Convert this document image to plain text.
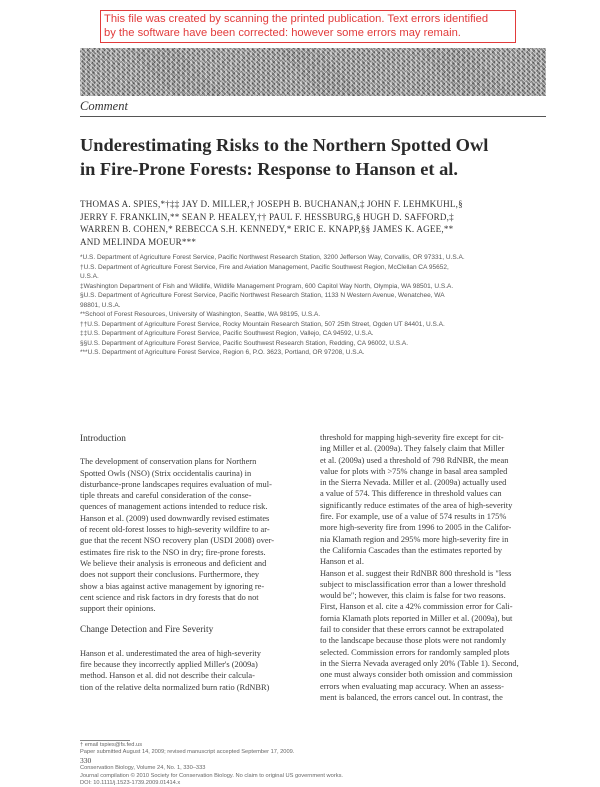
This file was created by scanning the printed publication. Text errors identified
by the software have been corrected: however some errors may remain.
Comment
Underestimating Risks to the Northern Spotted Owl
in Fire-Prone Forests: Response to Hanson et al.
THOMAS A. SPIES,*†‡‡ JAY D. MILLER,† JOSEPH B. BUCHANAN,‡ JOHN F. LEHMKUHL,§
JERRY F. FRANKLIN,** SEAN P. HEALEY,†† PAUL F. HESSBURG,§ HUGH D. SAFFORD,‡
WARREN B. COHEN,* REBECCA S.H. KENNEDY,* ERIC E. KNAPP,§§ JAMES K. AGEE,**
AND MELINDA MOEUR***
*U.S. Department of Agriculture Forest Service, Pacific Northwest Research Station, 3200 Jefferson Way, Corvallis, OR 97331, U.S.A.
†U.S. Department of Agriculture Forest Service, Fire and Aviation Management, Pacific Southwest Region, McClellan CA 95652,
U.S.A.
‡Washington Department of Fish and Wildlife, Wildlife Management Program, 600 Capitol Way North, Olympia, WA 98501, U.S.A.
§U.S. Department of Agriculture Forest Service, Pacific Northwest Research Station, 1133 N Western Avenue, Wenatchee, WA
98801, U.S.A.
**School of Forest Resources, University of Washington, Seattle, WA 98195, U.S.A.
††U.S. Department of Agriculture Forest Service, Rocky Mountain Research Station, 507 25th Street, Ogden UT 84401, U.S.A.
‡‡U.S. Department of Agriculture Forest Service, Pacific Southwest Region, Vallejo, CA 94592, U.S.A.
§§U.S. Department of Agriculture Forest Service, Pacific Southwest Research Station, Redding, CA 96002, U.S.A.
***U.S. Department of Agriculture Forest Service, Region 6, P.O. 3623, Portland, OR 97208, U.S.A.
Introduction
The development of conservation plans for Northern
Spotted Owls (NSO) (Strix occidentalis caurina) in
disturbance-prone landscapes requires evaluation of mul-
tiple threats and careful consideration of the conse-
quences of management actions intended to reduce risk.
Hanson et al. (2009) used downwardly revised estimates
of recent old-forest losses to high-severity wildfire to ar-
gue that the recent NSO recovery plan (USDI 2008) over-
estimates fire risk to the NSO in dry; fire-prone forests.
We believe their analysis is erroneous and deficient and
does not support their conclusions. Furthermore, they
show a bias against active management by ignoring re-
cent science and risk factors in dry forests that do not
support their opinions.
Change Detection and Fire Severity
Hanson et al. underestimated the area of high-severity
fire because they incorrectly applied Miller's (2009a)
method. Hanson et al. did not describe their calcula-
tion of the relative delta normalized burn ratio (RdNBR)
threshold for mapping high-severity fire except for cit-
ing Miller et al. (2009a). They falsely claim that Miller
et al. (2009a) used a threshold of 798 RdNBR, the mean
value for plots with >75% change in basal area sampled
in the Sierra Nevada. Miller et al. (2009a) actually used
a value of 574. This difference in threshold values can
significantly reduce estimates of the area of high-severity
fire. For example, use of a value of 574 results in 175%
more high-severity fire from 1996 to 2005 in the Califor-
nia Klamath region and 295% more high-severity fire in
the California Cascades than the estimates reported by
Hanson et al.
Hanson et al. suggest their RdNBR 800 threshold is "less
subject to misclassification error than a lower threshold
would be"; however, this claim is false for two reasons.
First, Hanson et al. cite a 42% commission error for Cali-
fornia Klamath plots reported in Miller et al. (2009a), but
fail to consider that these errors cannot be extrapolated
to the landscape because those plots were not randomly
selected. Commission errors for randomly sampled plots
in the Sierra Nevada averaged only 20% (Table 1). Second,
one must always consider both omission and commission
errors when evaluating map accuracy. When an assess-
ment is balanced, the errors cancel out. In contrast, the
† email tspies@fs.fed.us
Paper submitted August 14, 2009; revised manuscript accepted September 17, 2009.
330
Conservation Biology, Volume 24, No. 1, 330–333
Journal compilation © 2010 Society for Conservation Biology. No claim to original US government works.
DOI: 10.1111/j.1523-1739.2009.01414.x
